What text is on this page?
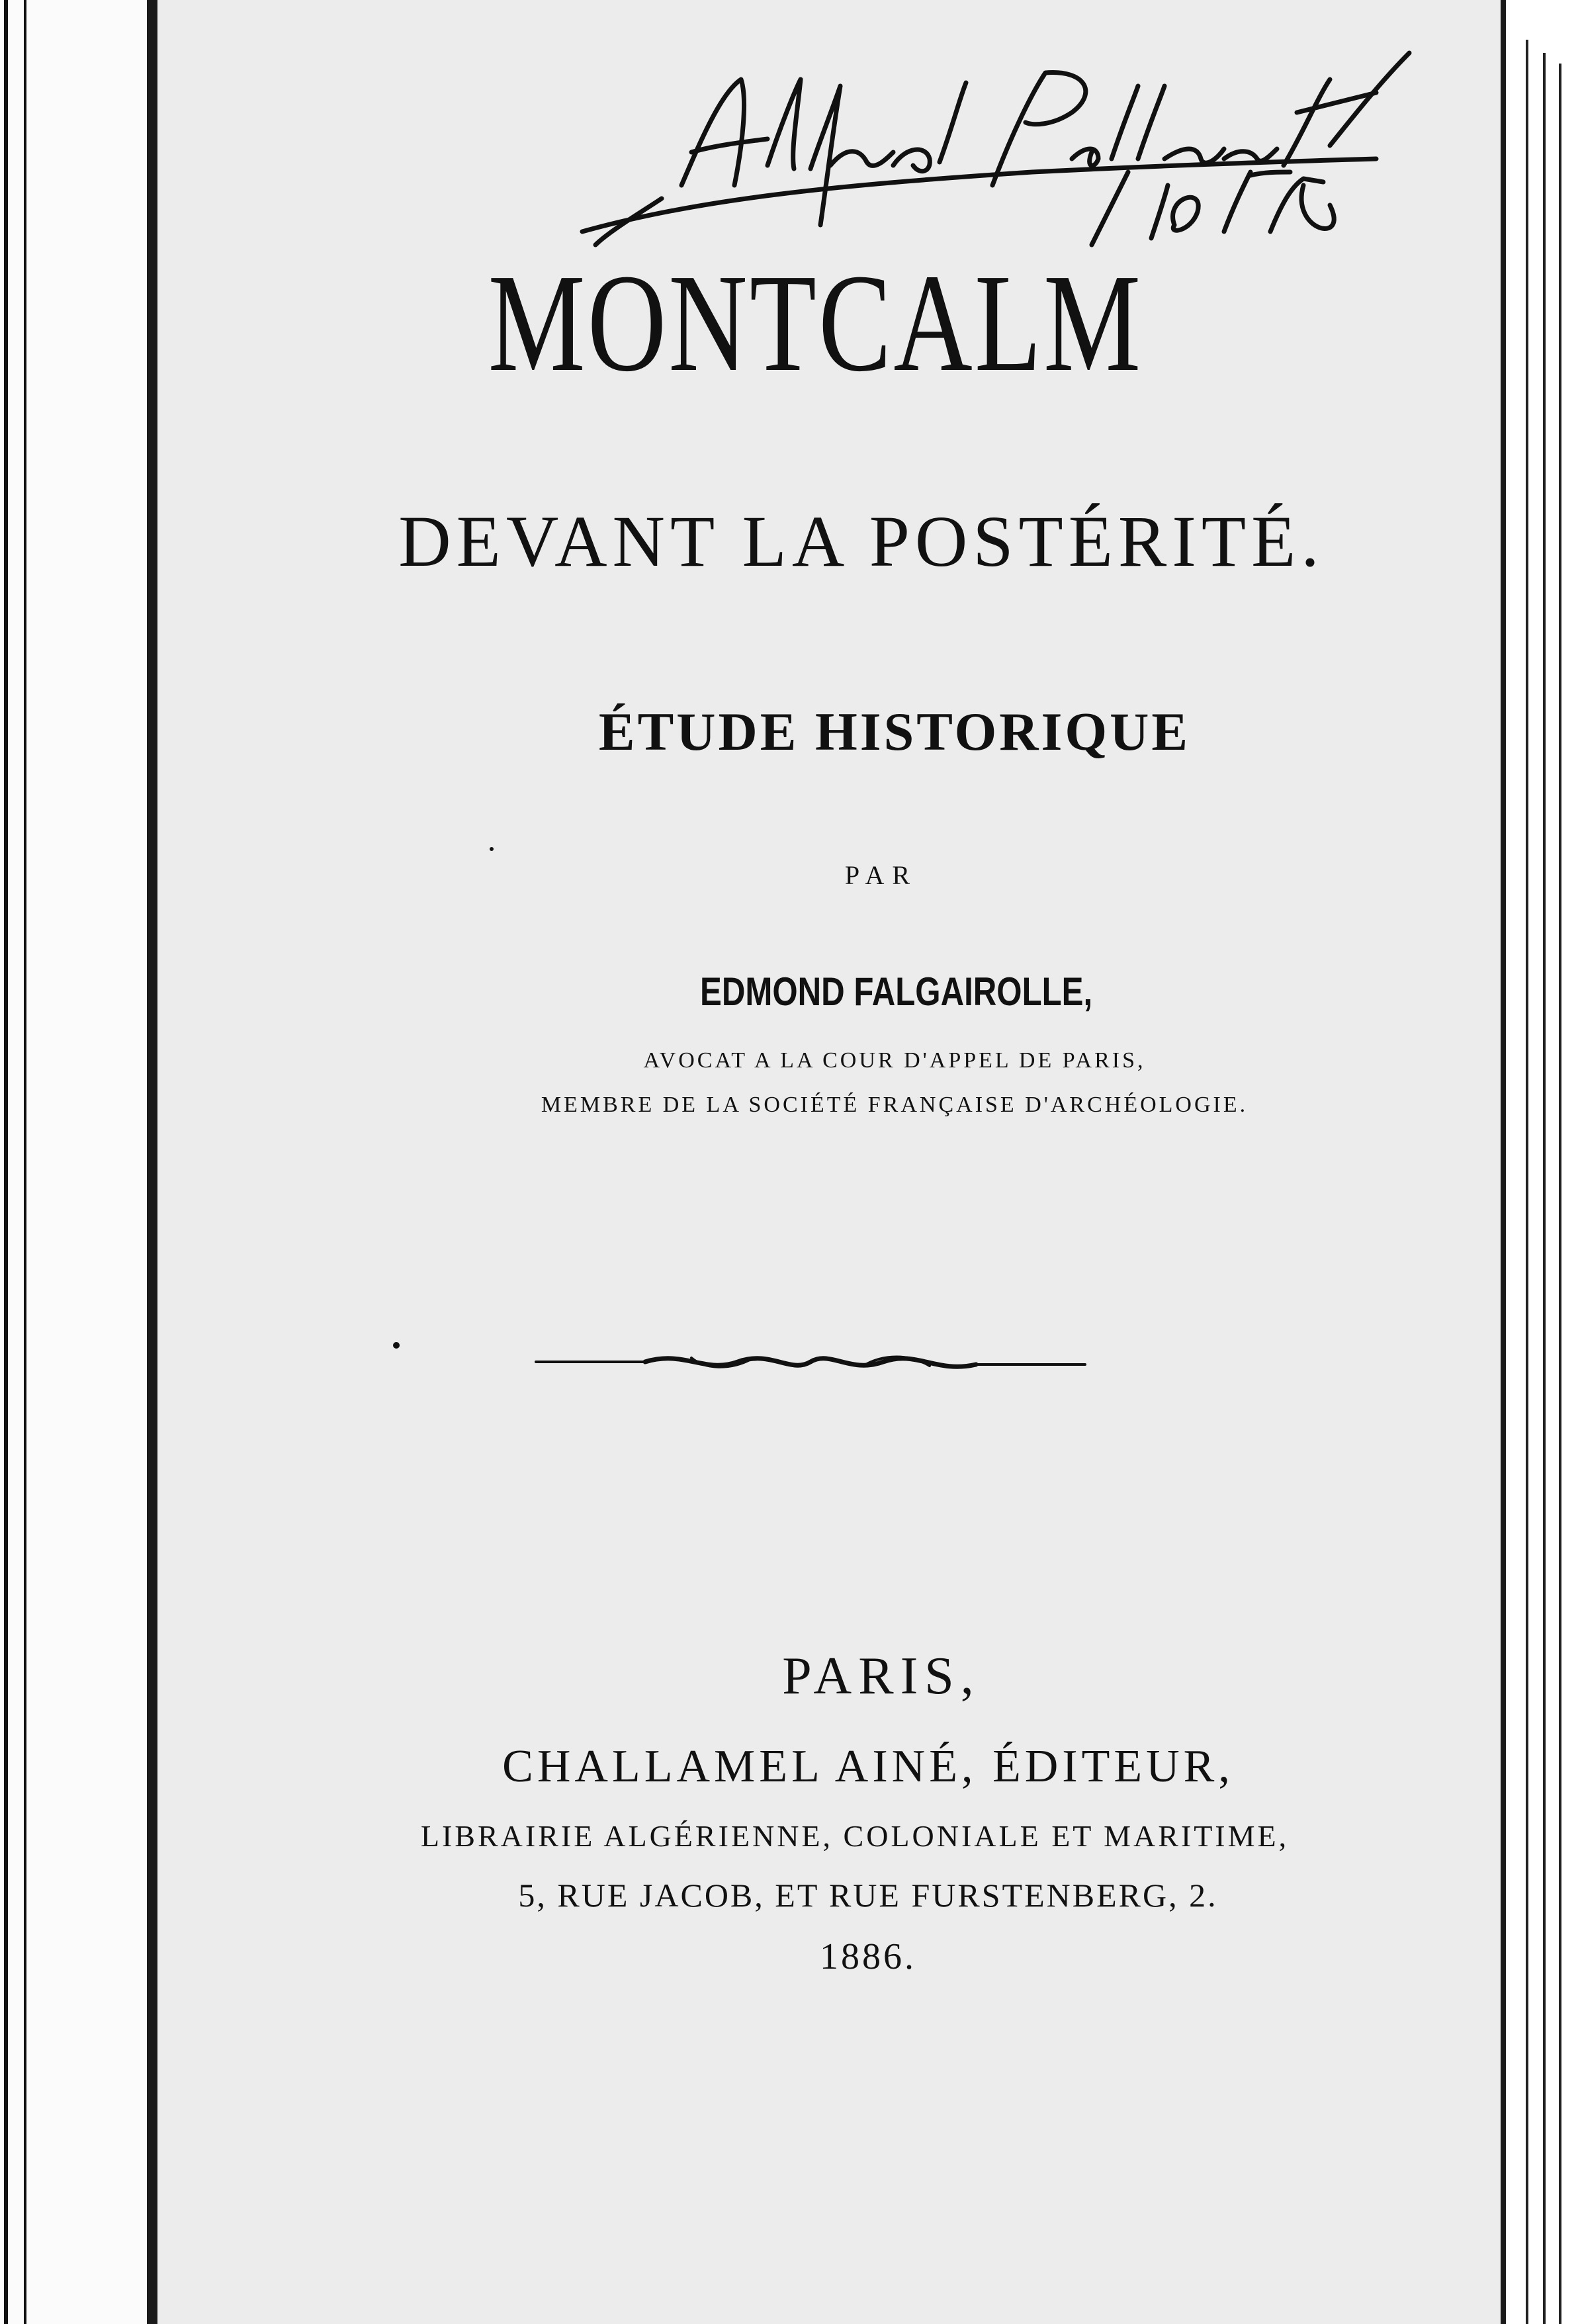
MONTCALM
DEVANT LA POSTÉRITÉ.
ÉTUDE HISTORIQUE
PAR
EDMOND FALGAIROLLE,
AVOCAT A LA COUR D'APPEL DE PARIS,
MEMBRE DE LA SOCIÉTÉ FRANÇAISE D'ARCHÉOLOGIE.
PARIS,
CHALLAMEL AINÉ, ÉDITEUR,
LIBRAIRIE ALGÉRIENNE, COLONIALE ET MARITIME,
5, RUE JACOB, ET RUE FURSTENBERG, 2.
1886.
